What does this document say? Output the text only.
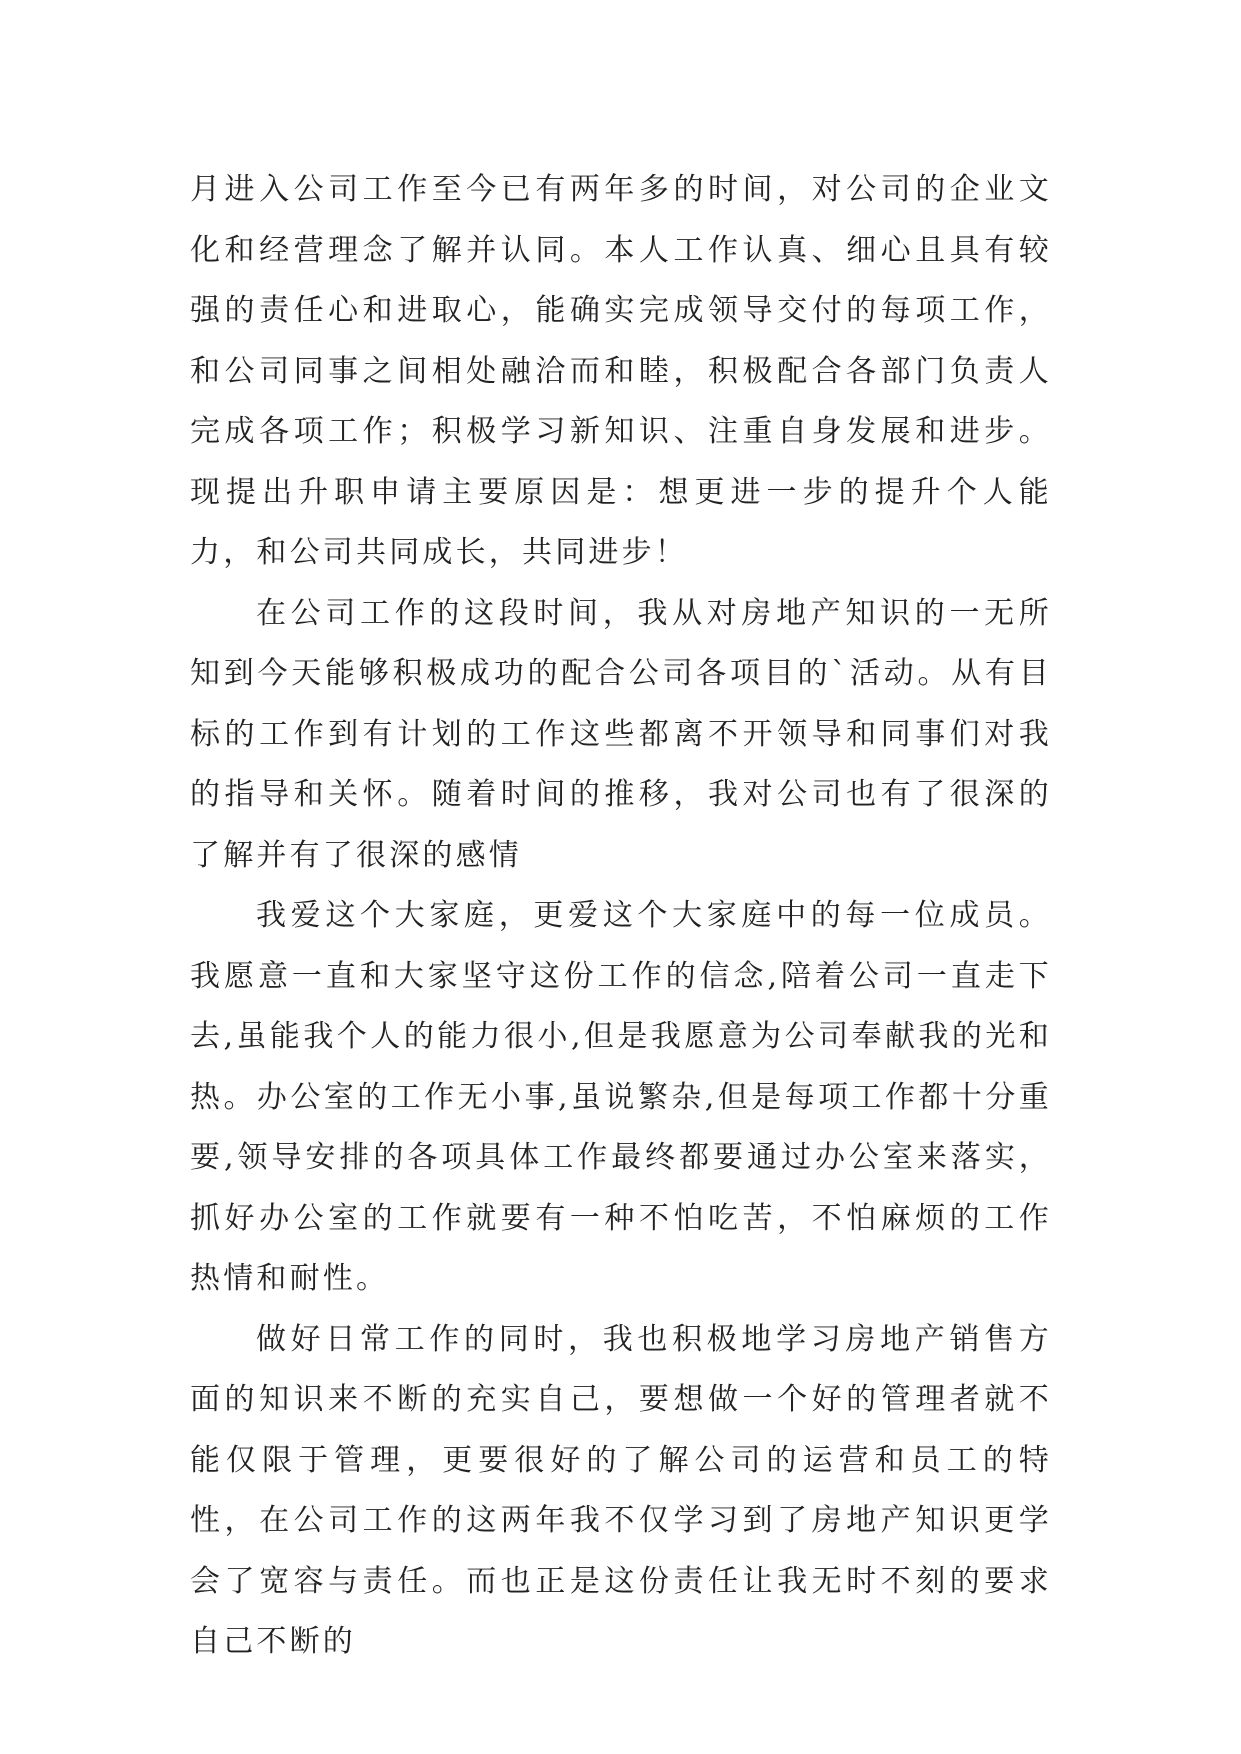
月进入公司工作至今已有两年多的时间，对公司的企业文化和经营理念了解并认同。本人工作认真、细心且具有较强的责任心和进取心，能确实完成领导交付的每项工作，和公司同事之间相处融洽而和睦，积极配合各部门负责人完成各项工作；积极学习新知识、注重自身发展和进步。现提出升职申请主要原因是：想更进一步的提升个人能力，和公司共同成长，共同进步！

在公司工作的这段时间，我从对房地产知识的一无所知到今天能够积极成功的配合公司各项目的`活动。从有目标的工作到有计划的工作这些都离不开领导和同事们对我的指导和关怀。随着时间的推移，我对公司也有了很深的了解并有了很深的感情

我爱这个大家庭，更爱这个大家庭中的每一位成员。我愿意一直和大家坚守这份工作的信念,陪着公司一直走下去,虽能我个人的能力很小,但是我愿意为公司奉献我的光和热。办公室的工作无小事,虽说繁杂,但是每项工作都十分重要,领导安排的各项具体工作最终都要通过办公室来落实，抓好办公室的工作就要有一种不怕吃苦，不怕麻烦的工作热情和耐性。

做好日常工作的同时，我也积极地学习房地产销售方面的知识来不断的充实自己，要想做一个好的管理者就不能仅限于管理，更要很好的了解公司的运营和员工的特性，在公司工作的这两年我不仅学习到了房地产知识更学会了宽容与责任。而也正是这份责任让我无时不刻的要求自己不断的
